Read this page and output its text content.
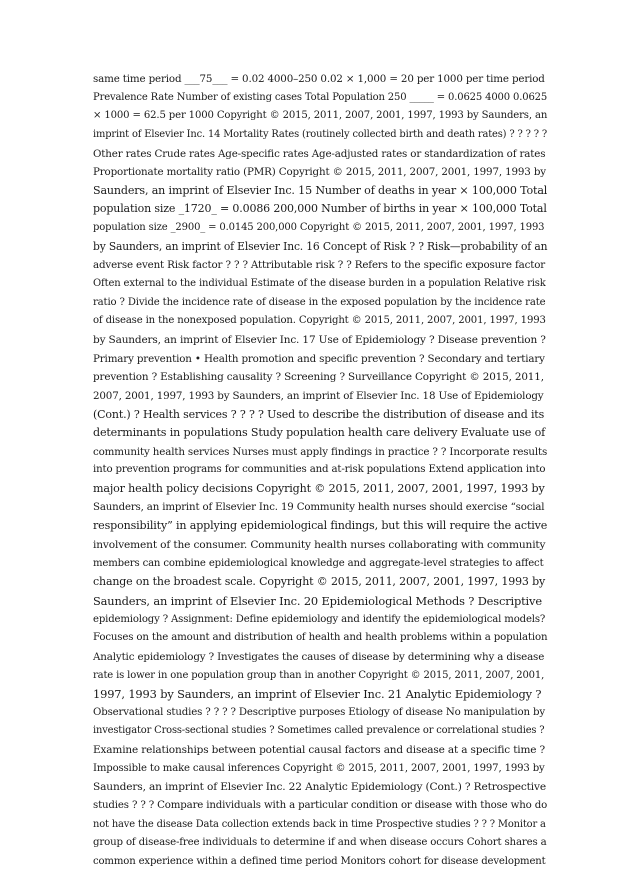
same time period ___75___ = 0.02 4000–250 0.02 × 1,000 = 20 per 1000 per time period
Prevalence Rate Number of existing cases Total Population 250 _____ = 0.0625 4000 0.0625
× 1000 = 62.5 per 1000 Copyright © 2015, 2011, 2007, 2001, 1997, 1993 by Saunders, an
imprint of Elsevier Inc. 14 Mortality Rates (routinely collected birth and death rates) ? ? ? ? ?
Other rates Crude rates Age-specific rates Age-adjusted rates or standardization of rates
Proportionate mortality ratio (PMR) Copyright © 2015, 2011, 2007, 2001, 1997, 1993 by
Saunders, an imprint of Elsevier Inc. 15 Number of deaths in year × 100,000 Total
population size _1720_ = 0.0086 200,000 Number of births in year × 100,000 Total
population size _2900_ = 0.0145 200,000 Copyright © 2015, 2011, 2007, 2001, 1997, 1993
by Saunders, an imprint of Elsevier Inc. 16 Concept of Risk ? ? Risk—probability of an
adverse event Risk factor ? ? ? Attributable risk ? ? Refers to the specific exposure factor
Often external to the individual Estimate of the disease burden in a population Relative risk
ratio ? Divide the incidence rate of disease in the exposed population by the incidence rate
of disease in the nonexposed population. Copyright © 2015, 2011, 2007, 2001, 1997, 1993
by Saunders, an imprint of Elsevier Inc. 17 Use of Epidemiology ? Disease prevention ?
Primary prevention • Health promotion and specific prevention ? Secondary and tertiary
prevention ? Establishing causality ? Screening ? Surveillance Copyright © 2015, 2011,
2007, 2001, 1997, 1993 by Saunders, an imprint of Elsevier Inc. 18 Use of Epidemiology
(Cont.) ? Health services ? ? ? ? Used to describe the distribution of disease and its
determinants in populations Study population health care delivery Evaluate use of
community health services Nurses must apply findings in practice ? ? Incorporate results
into prevention programs for communities and at-risk populations Extend application into
major health policy decisions Copyright © 2015, 2011, 2007, 2001, 1997, 1993 by
Saunders, an imprint of Elsevier Inc. 19 Community health nurses should exercise “social
responsibility” in applying epidemiological findings, but this will require the active
involvement of the consumer. Community health nurses collaborating with community
members can combine epidemiological knowledge and aggregate-level strategies to affect
change on the broadest scale. Copyright © 2015, 2011, 2007, 2001, 1997, 1993 by
Saunders, an imprint of Elsevier Inc. 20 Epidemiological Methods ? Descriptive
epidemiology ? Assignment: Define epidemiology and identify the epidemiological models?
Focuses on the amount and distribution of health and health problems within a population
Analytic epidemiology ? Investigates the causes of disease by determining why a disease
rate is lower in one population group than in another Copyright © 2015, 2011, 2007, 2001,
1997, 1993 by Saunders, an imprint of Elsevier Inc. 21 Analytic Epidemiology ?
Observational studies ? ? ? ? Descriptive purposes Etiology of disease No manipulation by
investigator Cross-sectional studies ? Sometimes called prevalence or correlational studies ?
Examine relationships between potential causal factors and disease at a specific time ?
Impossible to make causal inferences Copyright © 2015, 2011, 2007, 2001, 1997, 1993 by
Saunders, an imprint of Elsevier Inc. 22 Analytic Epidemiology (Cont.) ? Retrospective
studies ? ? ? Compare individuals with a particular condition or disease with those who do
not have the disease Data collection extends back in time Prospective studies ? ? ? Monitor a
group of disease-free individuals to determine if and when disease occurs Cohort shares a
common experience within a defined time period Monitors cohort for disease development
